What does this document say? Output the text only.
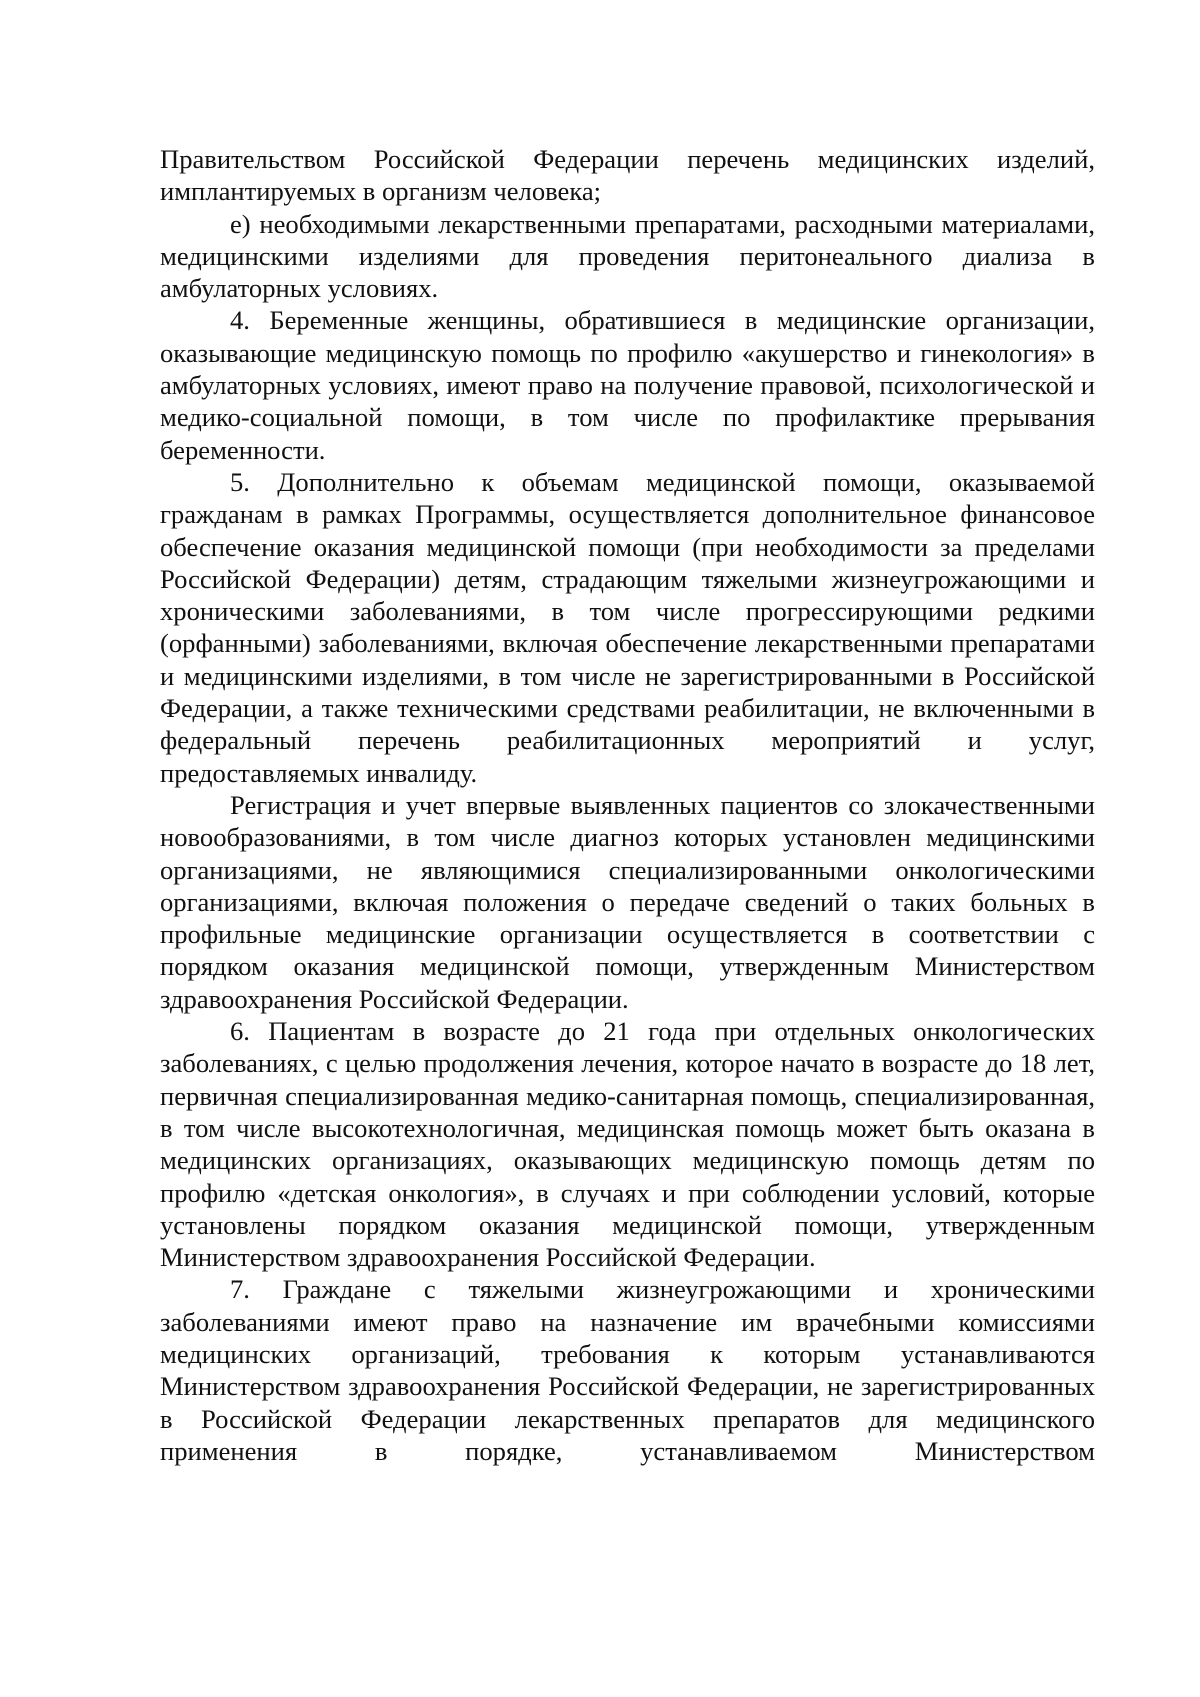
Правительством Российской Федерации перечень медицинских изделий, имплантируемых в организм человека;

е) необходимыми лекарственными препаратами, расходными материалами, медицинскими изделиями для проведения перитонеального диализа в амбулаторных условиях.

4. Беременные женщины, обратившиеся в медицинские организации, оказывающие медицинскую помощь по профилю «акушерство и гинекология» в амбулаторных условиях, имеют право на получение правовой, психологической и медико-социальной помощи, в том числе по профилактике прерывания беременности.

5. Дополнительно к объемам медицинской помощи, оказываемой гражданам в рамках Программы, осуществляется дополнительное финансовое обеспечение оказания медицинской помощи (при необходимости за пределами Российской Федерации) детям, страдающим тяжелыми жизнеугрожающими и хроническими заболеваниями, в том числе прогрессирующими редкими (орфанными) заболеваниями, включая обеспечение лекарственными препаратами и медицинскими изделиями, в том числе не зарегистрированными в Российской Федерации, а также техническими средствами реабилитации, не включенными в федеральный перечень реабилитационных мероприятий и услуг, предоставляемых инвалиду.

Регистрация и учет впервые выявленных пациентов со злокачественными новообразованиями, в том числе диагноз которых установлен медицинскими организациями, не являющимися специализированными онкологическими организациями, включая положения о передаче сведений о таких больных в профильные медицинские организации осуществляется в соответствии с порядком оказания медицинской помощи, утвержденным Министерством здравоохранения Российской Федерации.

6. Пациентам в возрасте до 21 года при отдельных онкологических заболеваниях, с целью продолжения лечения, которое начато в возрасте до 18 лет, первичная специализированная медико-санитарная помощь, специализированная, в том числе высокотехнологичная, медицинская помощь может быть оказана в медицинских организациях, оказывающих медицинскую помощь детям по профилю «детская онкология», в случаях и при соблюдении условий, которые установлены порядком оказания медицинской помощи, утвержденным Министерством здравоохранения Российской Федерации.

7. Граждане с тяжелыми жизнеугрожающими и хроническими заболеваниями имеют право на назначение им врачебными комиссиями медицинских организаций, требования к которым устанавливаются Министерством здравоохранения Российской Федерации, не зарегистрированных в Российской Федерации лекарственных препаратов для медицинского применения в порядке, устанавливаемом Министерством
